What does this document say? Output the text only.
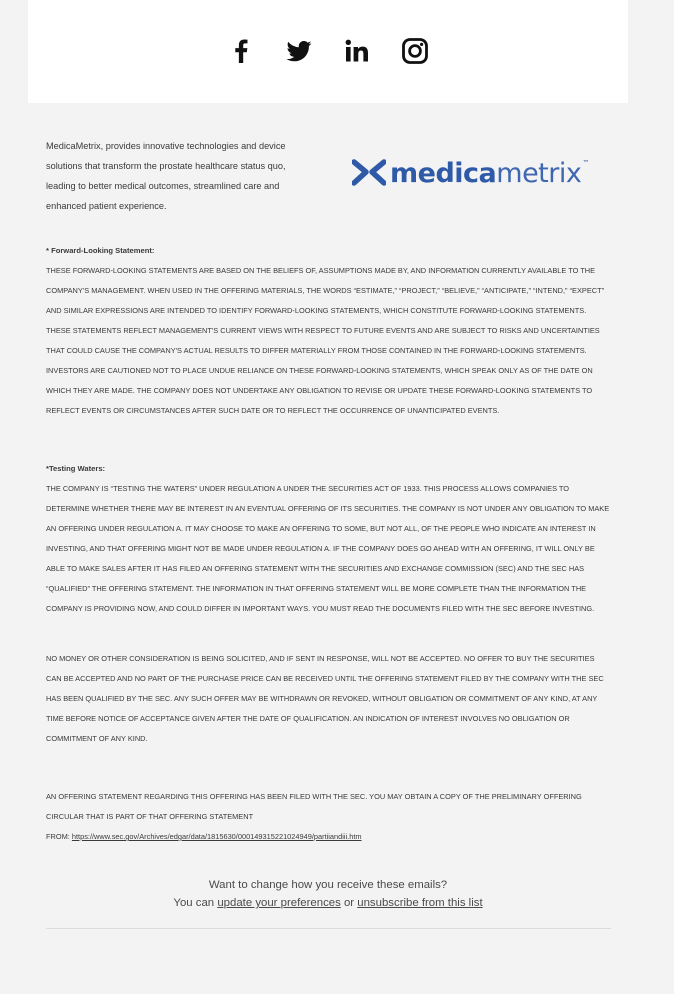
MedicaMetrix, provides innovative technologies and device solutions that transform the prostate healthcare status quo, leading to better medical outcomes, streamlined care and enhanced patient experience.
medicametrix™

* Forward-Looking Statement:

THESE FORWARD-LOOKING STATEMENTS ARE BASED ON THE BELIEFS OF, ASSUMPTIONS MADE BY, AND INFORMATION CURRENTLY AVAILABLE TO THE COMPANY'S MANAGEMENT. WHEN USED IN THE OFFERING MATERIALS, THE WORDS “ESTIMATE,” “PROJECT,” “BELIEVE,” “ANTICIPATE,” “INTEND,” “EXPECT” AND SIMILAR EXPRESSIONS ARE INTENDED TO IDENTIFY FORWARD-LOOKING STATEMENTS, WHICH CONSTITUTE FORWARD-LOOKING STATEMENTS. THESE STATEMENTS REFLECT MANAGEMENT'S CURRENT VIEWS WITH RESPECT TO FUTURE EVENTS AND ARE SUBJECT TO RISKS AND UNCERTAINTIES THAT COULD CAUSE THE COMPANY'S ACTUAL RESULTS TO DIFFER MATERIALLY FROM THOSE CONTAINED IN THE FORWARD-LOOKING STATEMENTS. INVESTORS ARE CAUTIONED NOT TO PLACE UNDUE RELIANCE ON THESE FORWARD-LOOKING STATEMENTS, WHICH SPEAK ONLY AS OF THE DATE ON WHICH THEY ARE MADE. THE COMPANY DOES NOT UNDERTAKE ANY OBLIGATION TO REVISE OR UPDATE THESE FORWARD-LOOKING STATEMENTS TO REFLECT EVENTS OR CIRCUMSTANCES AFTER SUCH DATE OR TO REFLECT THE OCCURRENCE OF UNANTICIPATED EVENTS.

*Testing Waters:

THE COMPANY IS “TESTING THE WATERS” UNDER REGULATION A UNDER THE SECURITIES ACT OF 1933. THIS PROCESS ALLOWS COMPANIES TO DETERMINE WHETHER THERE MAY BE INTEREST IN AN EVENTUAL OFFERING OF ITS SECURITIES. THE COMPANY IS NOT UNDER ANY OBLIGATION TO MAKE AN OFFERING UNDER REGULATION A. IT MAY CHOOSE TO MAKE AN OFFERING TO SOME, BUT NOT ALL, OF THE PEOPLE WHO INDICATE AN INTEREST IN INVESTING, AND THAT OFFERING MIGHT NOT BE MADE UNDER REGULATION A. IF THE COMPANY DOES GO AHEAD WITH AN OFFERING, IT WILL ONLY BE ABLE TO MAKE SALES AFTER IT HAS FILED AN OFFERING STATEMENT WITH THE SECURITIES AND EXCHANGE COMMISSION (SEC) AND THE SEC HAS “QUALIFIED” THE OFFERING STATEMENT. THE INFORMATION IN THAT OFFERING STATEMENT WILL BE MORE COMPLETE THAN THE INFORMATION THE COMPANY IS PROVIDING NOW, AND COULD DIFFER IN IMPORTANT WAYS. YOU MUST READ THE DOCUMENTS FILED WITH THE SEC BEFORE INVESTING.

NO MONEY OR OTHER CONSIDERATION IS BEING SOLICITED, AND IF SENT IN RESPONSE, WILL NOT BE ACCEPTED. NO OFFER TO BUY THE SECURITIES CAN BE ACCEPTED AND NO PART OF THE PURCHASE PRICE CAN BE RECEIVED UNTIL THE OFFERING STATEMENT FILED BY THE COMPANY WITH THE SEC HAS BEEN QUALIFIED BY THE SEC. ANY SUCH OFFER MAY BE WITHDRAWN OR REVOKED, WITHOUT OBLIGATION OR COMMITMENT OF ANY KIND, AT ANY TIME BEFORE NOTICE OF ACCEPTANCE GIVEN AFTER THE DATE OF QUALIFICATION. AN INDICATION OF INTEREST INVOLVES NO OBLIGATION OR COMMITMENT OF ANY KIND.

AN OFFERING STATEMENT REGARDING THIS OFFERING HAS BEEN FILED WITH THE SEC. YOU MAY OBTAIN A COPY OF THE PRELIMINARY OFFERING CIRCULAR THAT IS PART OF THAT OFFERING STATEMENT

FROM: https://www.sec.gov/Archives/edgar/data/1815630/000149315221024949/partiiandiii.htm

Want to change how you receive these emails?
You can update your preferences or unsubscribe from this list
